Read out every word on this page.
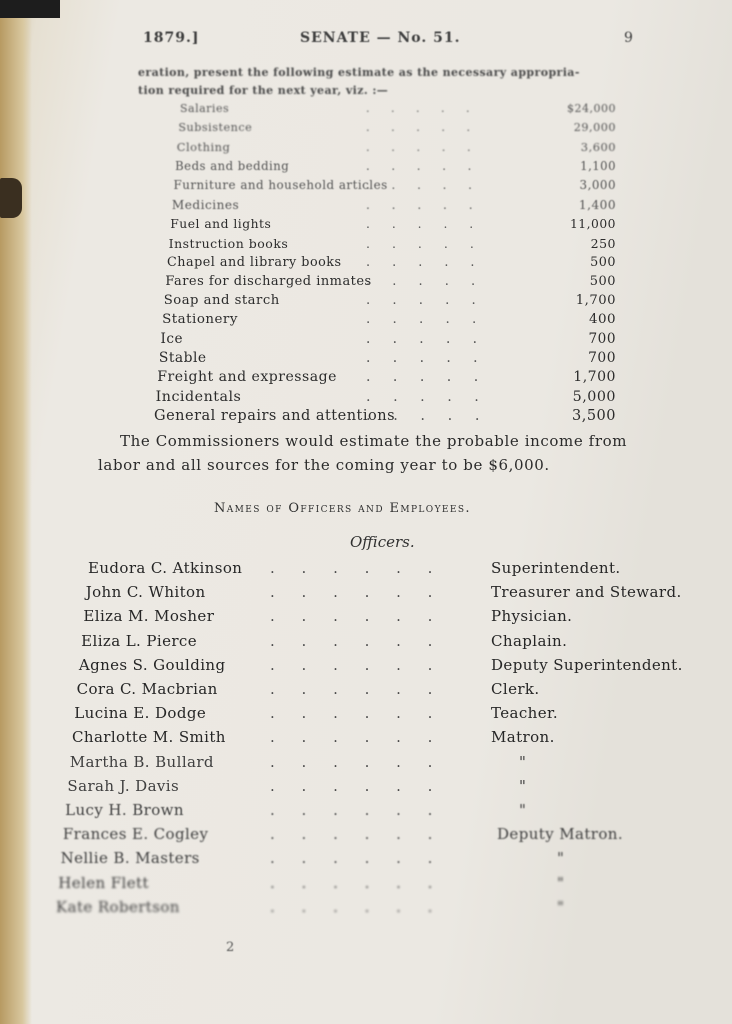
1879.]	SENATE — No. 51.	9
eration, present the following estimate as the necessary appropria-
tion required for the next year, viz. :—
Salaries	. . . . .	$24,000
Subsistence	. . . . .	29,000
Clothing	. . . . .	3,600
Beds and bedding	. . . . .	1,100
Furniture and household articles
. . . . .	3,000
Medicines	. . . . .	1,400
Fuel and lights	. . . . .	11,000
Instruction books	. . . . .	250
Chapel and library books . . . . .	500
Fares for discharged inmates
. . . . .	500
Soap and starch	. . . . .	1,700
Stationery	. . . . .	400
Ice	. . . . .	700
Stable	. . . . .	700
Freight and expressage . . . . .	1,700
Incidentals	. . . . .	5,000
General repairs and attentions
. . . . .	3,500
The Commissioners would estimate the probable income from
labor and all sources for the coming year to be $6,000.
Names of Officers and Employees.
Officers.
Eudora C. Atkinson . . . . . .	Superintendent.
John C. Whiton	. . . . . .	Treasurer and Steward.
Eliza M. Mosher	. . . . . .	Physician.
Eliza L. Pierce	. . . . . .	Chaplain.
Agnes S. Goulding	. . . . . .	Deputy Superintendent.
Cora C. Macbrian	. . . . . .	Clerk.
Lucina E. Dodge	. . . . . .	Teacher.
Charlotte M. Smith	. . . . . .	Matron.
Martha B. Bullard	. . . . . .	"
Sarah J. Davis	. . . . . .	"
Lucy H. Brown	. . . . . .	"
Frances E. Cogley	. . . . . .	Deputy Matron.
Nellie B. Masters	. . . . . .	"
Helen Flett	. . . . . .	"
Kate Robertson	. . . . . .	"
2
